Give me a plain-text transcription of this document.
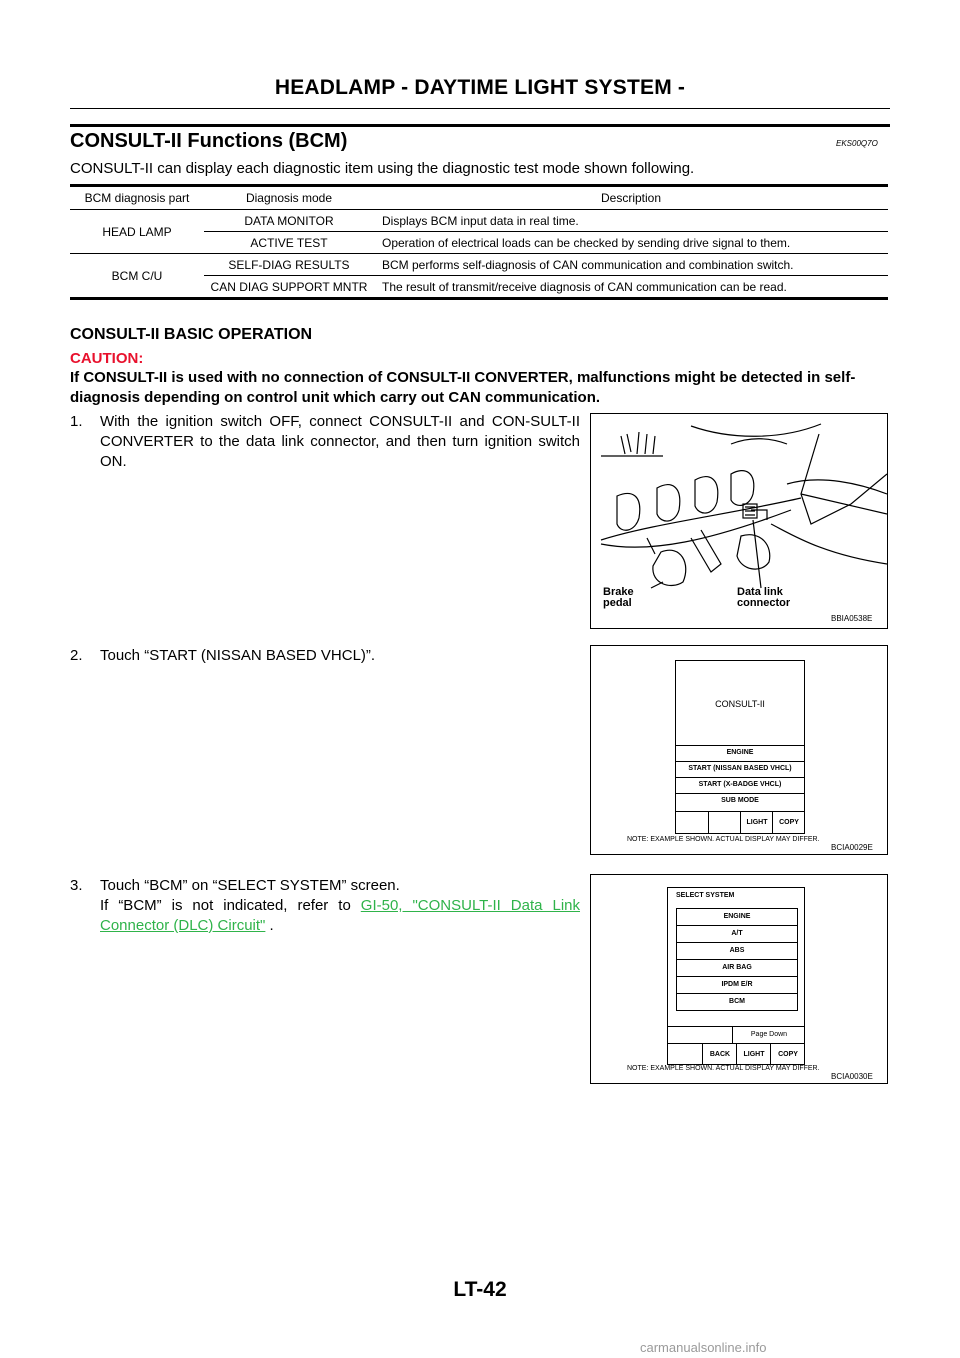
HEADLAMP - DAYTIME LIGHT SYSTEM -
CONSULT-II Functions (BCM)	EKS00Q7O
CONSULT-II can display each diagnostic item using the diagnostic test mode shown following.
BCM diagnosis part	Diagnosis mode	Description
HEAD LAMP	DATA MONITOR	Displays BCM input data in real time.
	ACTIVE TEST	Operation of electrical loads can be checked by sending drive signal to them.
BCM C/U	SELF-DIAG RESULTS	BCM performs self-diagnosis of CAN communication and combination switch.
	CAN DIAG SUPPORT MNTR	The result of transmit/receive diagnosis of CAN communication can be read.
CONSULT-II BASIC OPERATION
CAUTION:
If CONSULT-II is used with no connection of CONSULT-II CONVERTER, malfunctions might be detected in self-diagnosis depending on control unit which carry out CAN communication.
1.	With the ignition switch OFF, connect CONSULT-II and CON-SULT-II CONVERTER to the data link connector, and then turn ignition switch ON.
Brake
pedal
Data link
connector
BBIA0538E
2.	Touch “START (NISSAN BASED VHCL)”.
CONSULT-II
ENGINE
START (NISSAN BASED VHCL)
START (X-BADGE VHCL)
SUB MODE
LIGHT	COPY
NOTE: EXAMPLE SHOWN. ACTUAL DISPLAY MAY DIFFER.
BCIA0029E
3.	Touch “BCM” on “SELECT SYSTEM” screen.
If “BCM” is not indicated, refer to GI-50, "CONSULT-II Data Link Connector (DLC) Circuit" .
SELECT SYSTEM
ENGINE
A/T
ABS
AIR BAG
IPDM E/R
BCM
Page Down
BACK	LIGHT	COPY
NOTE: EXAMPLE SHOWN. ACTUAL DISPLAY MAY DIFFER.
BCIA0030E
LT-42
carmanualsonline.info
